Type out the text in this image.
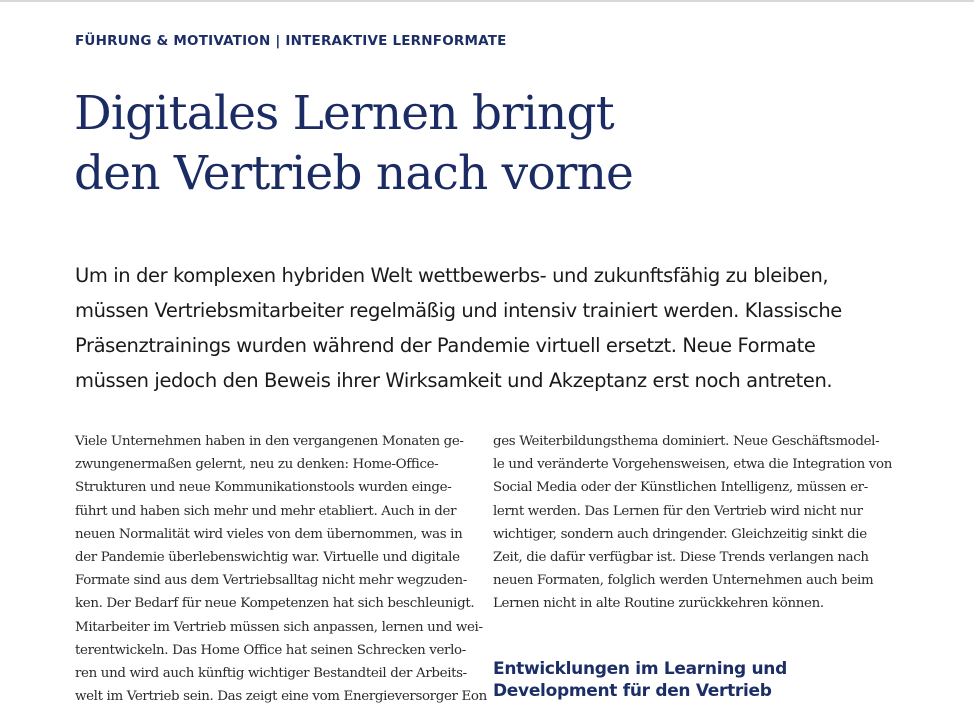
FÜHRUNG & MOTIVATION | INTERAKTIVE LERNFORMATE
Digitales Lernen bringt
den Vertrieb nach vorne

Um in der komplexen hybriden Welt wettbewerbs- und zukunftsfähig zu bleiben,
müssen Vertriebsmitarbeiter regelmäßig und intensiv trainiert werden. Klassische
Präsenztrainings wurden während der Pandemie virtuell ersetzt. Neue Formate
müssen jedoch den Beweis ihrer Wirksamkeit und Akzeptanz erst noch antreten.

Viele Unternehmen haben in den vergangenen Monaten ge-
zwungenermaßen gelernt, neu zu denken: Home-Office-
Strukturen und neue Kommunikationstools wurden einge-
führt und haben sich mehr und mehr etabliert. Auch in der
neuen Normalität wird vieles von dem übernommen, was in
der Pandemie überlebenswichtig war. Virtuelle und digitale
Formate sind aus dem Vertriebsalltag nicht mehr wegzuden-
ken. Der Bedarf für neue Kompetenzen hat sich beschleunigt.
Mitarbeiter im Vertrieb müssen sich anpassen, lernen und wei-
terentwickeln. Das Home Office hat seinen Schrecken verlo-
ren und wird auch künftig wichtiger Bestandteil der Arbeits-
welt im Vertrieb sein. Das zeigt eine vom Energieversorger Eon
ges Weiterbildungsthema dominiert. Neue Geschäftsmodel-
le und veränderte Vorgehensweisen, etwa die Integration von
Social Media oder der Künstlichen Intelligenz, müssen er-
lernt werden. Das Lernen für den Vertrieb wird nicht nur
wichtiger, sondern auch dringender. Gleichzeitig sinkt die
Zeit, die dafür verfügbar ist. Diese Trends verlangen nach
neuen Formaten, folglich werden Unternehmen auch beim
Lernen nicht in alte Routine zurückkehren können.
Entwicklungen im Learning und
Development für den Vertrieb
